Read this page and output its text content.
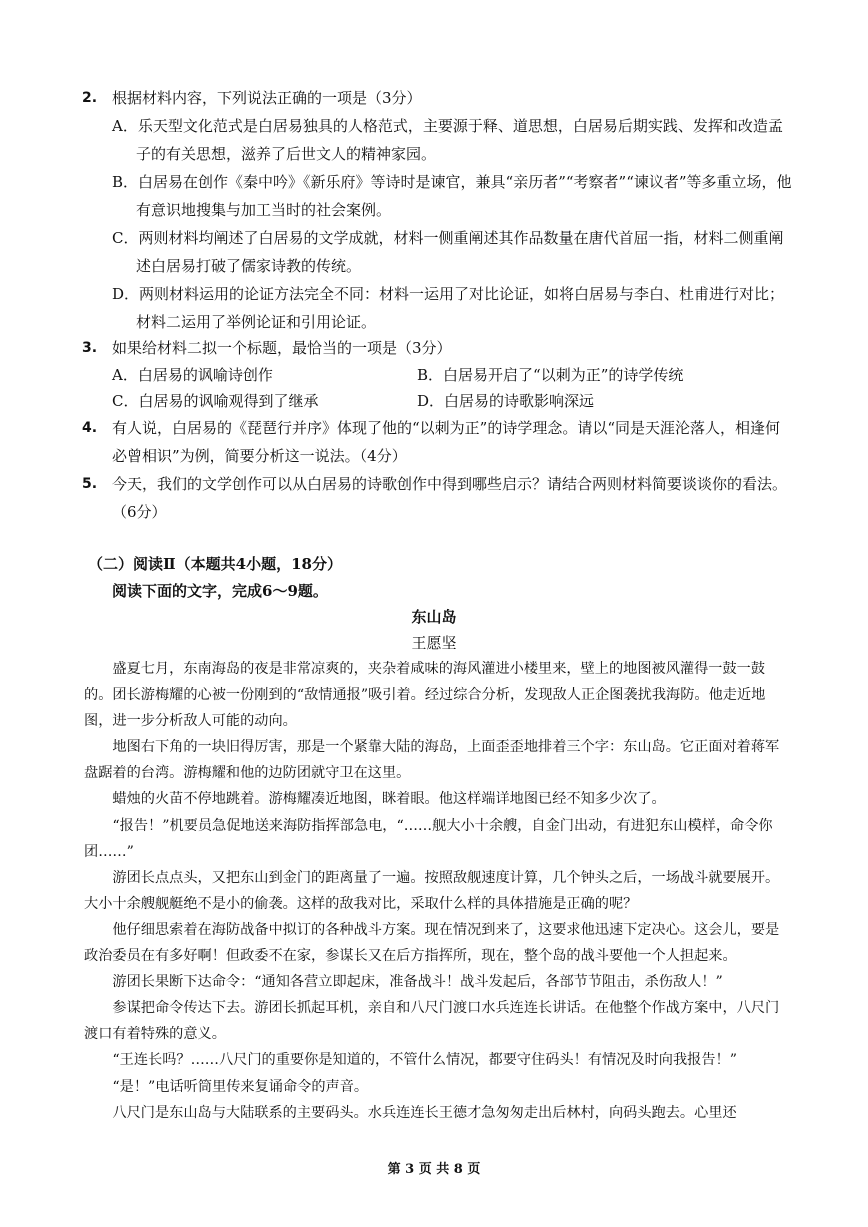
2. 根据材料内容，下列说法正确的一项是（3分）
A．乐天型文化范式是白居易独具的人格范式，主要源于释、道思想，白居易后期实践、发挥和改造孟子的有关思想，滋养了后世文人的精神家园。
B．白居易在创作《秦中吟》《新乐府》等诗时是谏官，兼具“亲历者”“考察者”“谏议者”等多重立场，他有意识地搜集与加工当时的社会案例。
C．两则材料均阐述了白居易的文学成就，材料一侧重阐述其作品数量在唐代首屈一指，材料二侧重阐述白居易打破了儒家诗教的传统。
D．两则材料运用的论证方法完全不同：材料一运用了对比论证，如将白居易与李白、杜甫进行对比；材料二运用了举例论证和引用论证。
3. 如果给材料二拟一个标题，最恰当的一项是（3分）
A．白居易的讽喻诗创作	B．白居易开启了“以刺为正”的诗学传统
C．白居易的讽喻观得到了继承	D．白居易的诗歌影响深远
4. 有人说，白居易的《琵琶行并序》体现了他的“以刺为正”的诗学理念。请以“同是天涯沦落人，相逢何必曾相识”为例，简要分析这一说法。（4分）
5. 今天，我们的文学创作可以从白居易的诗歌创作中得到哪些启示？请结合两则材料简要谈谈你的看法。（6分）
（二）阅读Ⅱ（本题共4小题，18分）
阅读下面的文字，完成6～9题。
东山岛
王愿坚

盛夏七月，东南海岛的夜是非常凉爽的，夹杂着咸味的海风灌进小楼里来，壁上的地图被风灌得一鼓一鼓的。团长游梅耀的心被一份刚到的“敌情通报”吸引着。经过综合分析，发现敌人正企图袭扰我海防。他走近地图，进一步分析敌人可能的动向。

地图右下角的一块旧得厉害，那是一个紧靠大陆的海岛，上面歪歪地排着三个字：东山岛。它正面对着蒋军盘踞着的台湾。游梅耀和他的边防团就守卫在这里。

蜡烛的火苗不停地跳着。游梅耀凑近地图，眯着眼。他这样端详地图已经不知多少次了。

“报告！”机要员急促地送来海防指挥部急电，“……舰大小十余艘，自金门出动，有进犯东山模样，命令你团……”

游团长点点头，又把东山到金门的距离量了一遍。按照敌舰速度计算，几个钟头之后，一场战斗就要展开。大小十余艘舰艇绝不是小的偷袭。这样的敌我对比，采取什么样的具体措施是正确的呢？

他仔细思索着在海防战备中拟订的各种战斗方案。现在情况到来了，这要求他迅速下定决心。这会儿，要是政治委员在有多好啊！但政委不在家，参谋长又在后方指挥所，现在，整个岛的战斗要他一个人担起来。

游团长果断下达命令：“通知各营立即起床，准备战斗！战斗发起后，各部节节阻击，杀伤敌人！”

参谋把命令传达下去。游团长抓起耳机，亲自和八尺门渡口水兵连连长讲话。在他整个作战方案中，八尺门渡口有着特殊的意义。

“王连长吗？……八尺门的重要你是知道的，不管什么情况，都要守住码头！有情况及时向我报告！”

“是！”电话听筒里传来复诵命令的声音。

八尺门是东山岛与大陆联系的主要码头。水兵连连长王德才急匆匆走出后林村，向码头跑去。心里还

第 3 页 共 8 页
